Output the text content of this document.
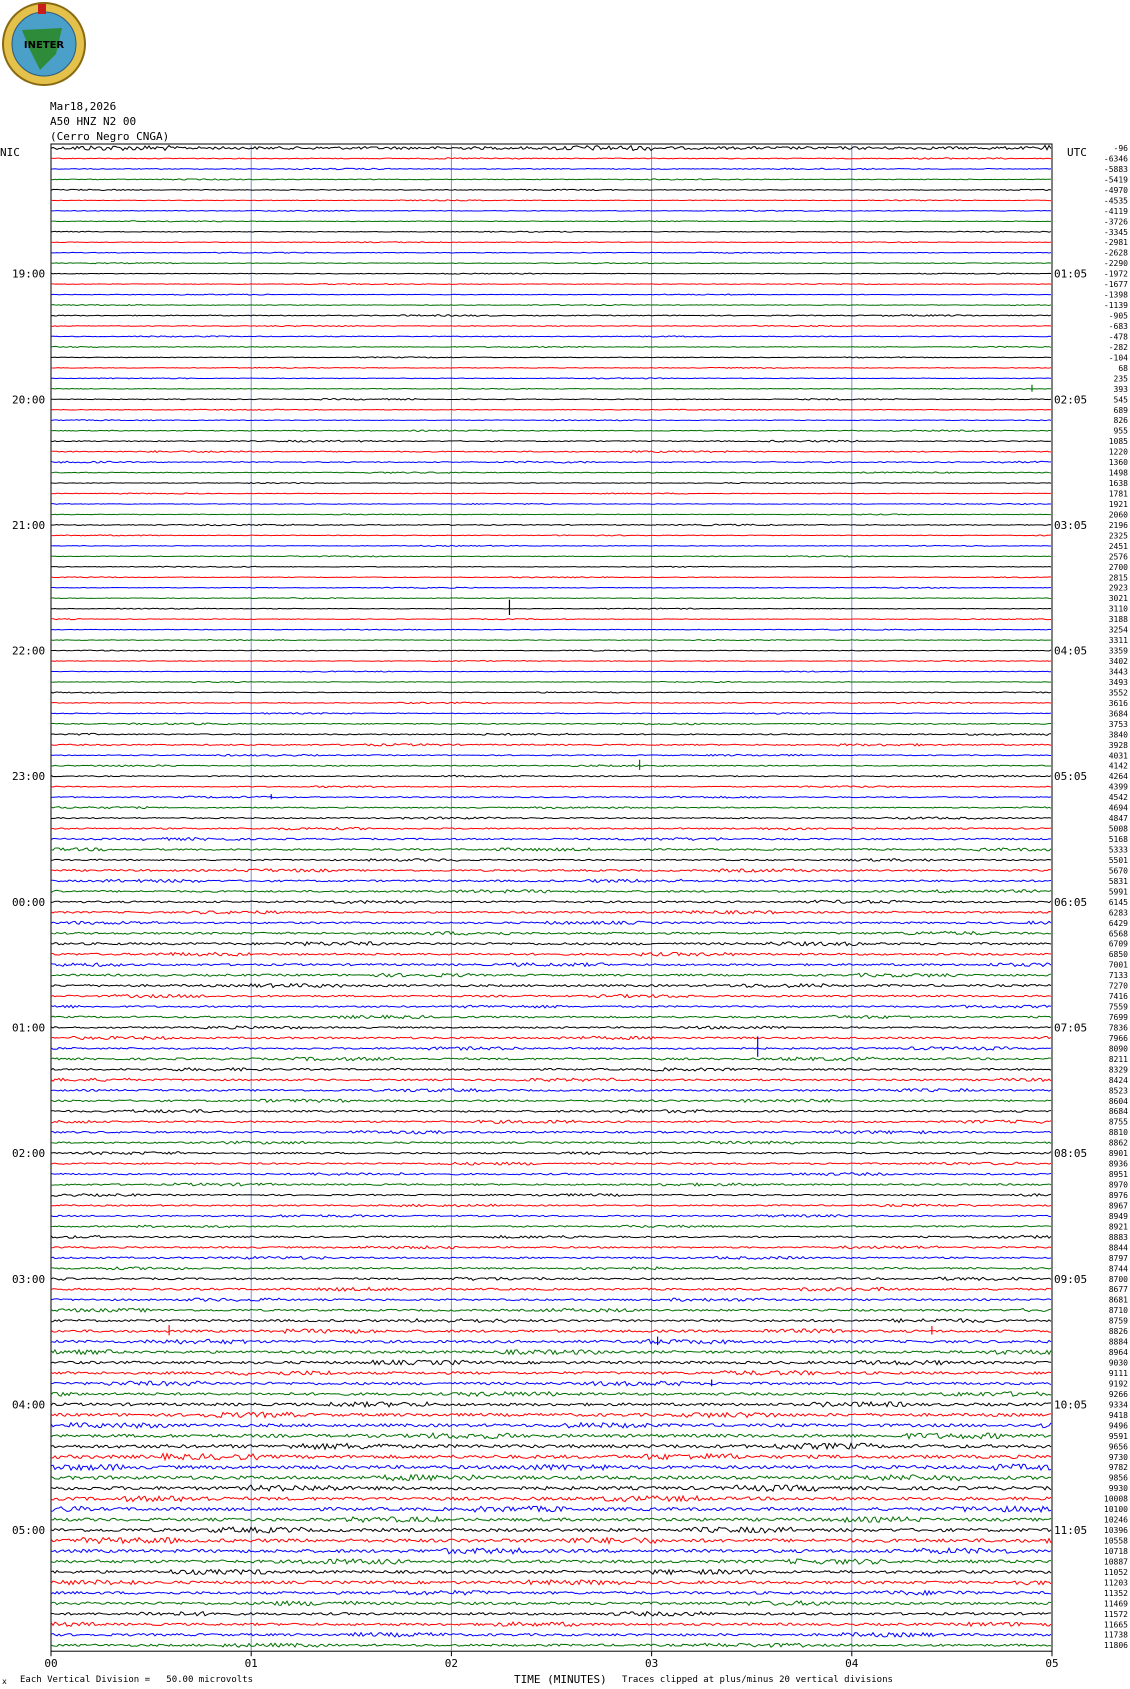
INETER
Mar18,2026
A50 HNZ N2 00
(Cerro Negro CNGA)
NIC	UTC
00	01	02	03	04	05
-96
-6346
-5883
-5419
-4970
-4535
-4119
-3726
-3345
-2981
-2628
-2290
-1972
-1677
-1398
-1139
-905
-683
-478
-282
-104
68
235
393
545
689
826
955
1085
1220
1360
1498
1638
1781
1921
2060
2196
2325
2451
2576
2700
2815
2923
3021
3110
3188
3254
3311
3359
3402
3443
3493
3552
3616
3684
3753
3840
3928
4031
4142
4264
4399
4542
4694
4847
5008
5168
5333
5501
5670
5831
5991
6145
6283
6429
6568
6709
6850
7001
7133
7270
7416
7559
7699
7836
7966
8090
8211
8329
8424
8523
8604
8684
8755
8810
8862
8901
8936
8951
8970
8976
8967
8949
8921
8883
8844
8797
8744
8700
8677
8681
8710
8759
8826
8884
8964
9030
9111
9192
9266
9334
9418
9496
9591
9656
9730
9782
9856
9930
10008
10100
10246
10396
10558
10718
10887
11052
11203
11352
11469
11572
11665
11738
11806
19:00	01:05
20:00	02:05
21:00	03:05
22:00	04:05
23:00	05:05
00:00	06:05
01:00	07:05
02:00	08:05
03:00	09:05
04:00	10:05
05:00	11:05
x Each Vertical Division =   50.00 microvolts	TIME (MINUTES) Traces clipped at plus/minus 20 vertical divisions
